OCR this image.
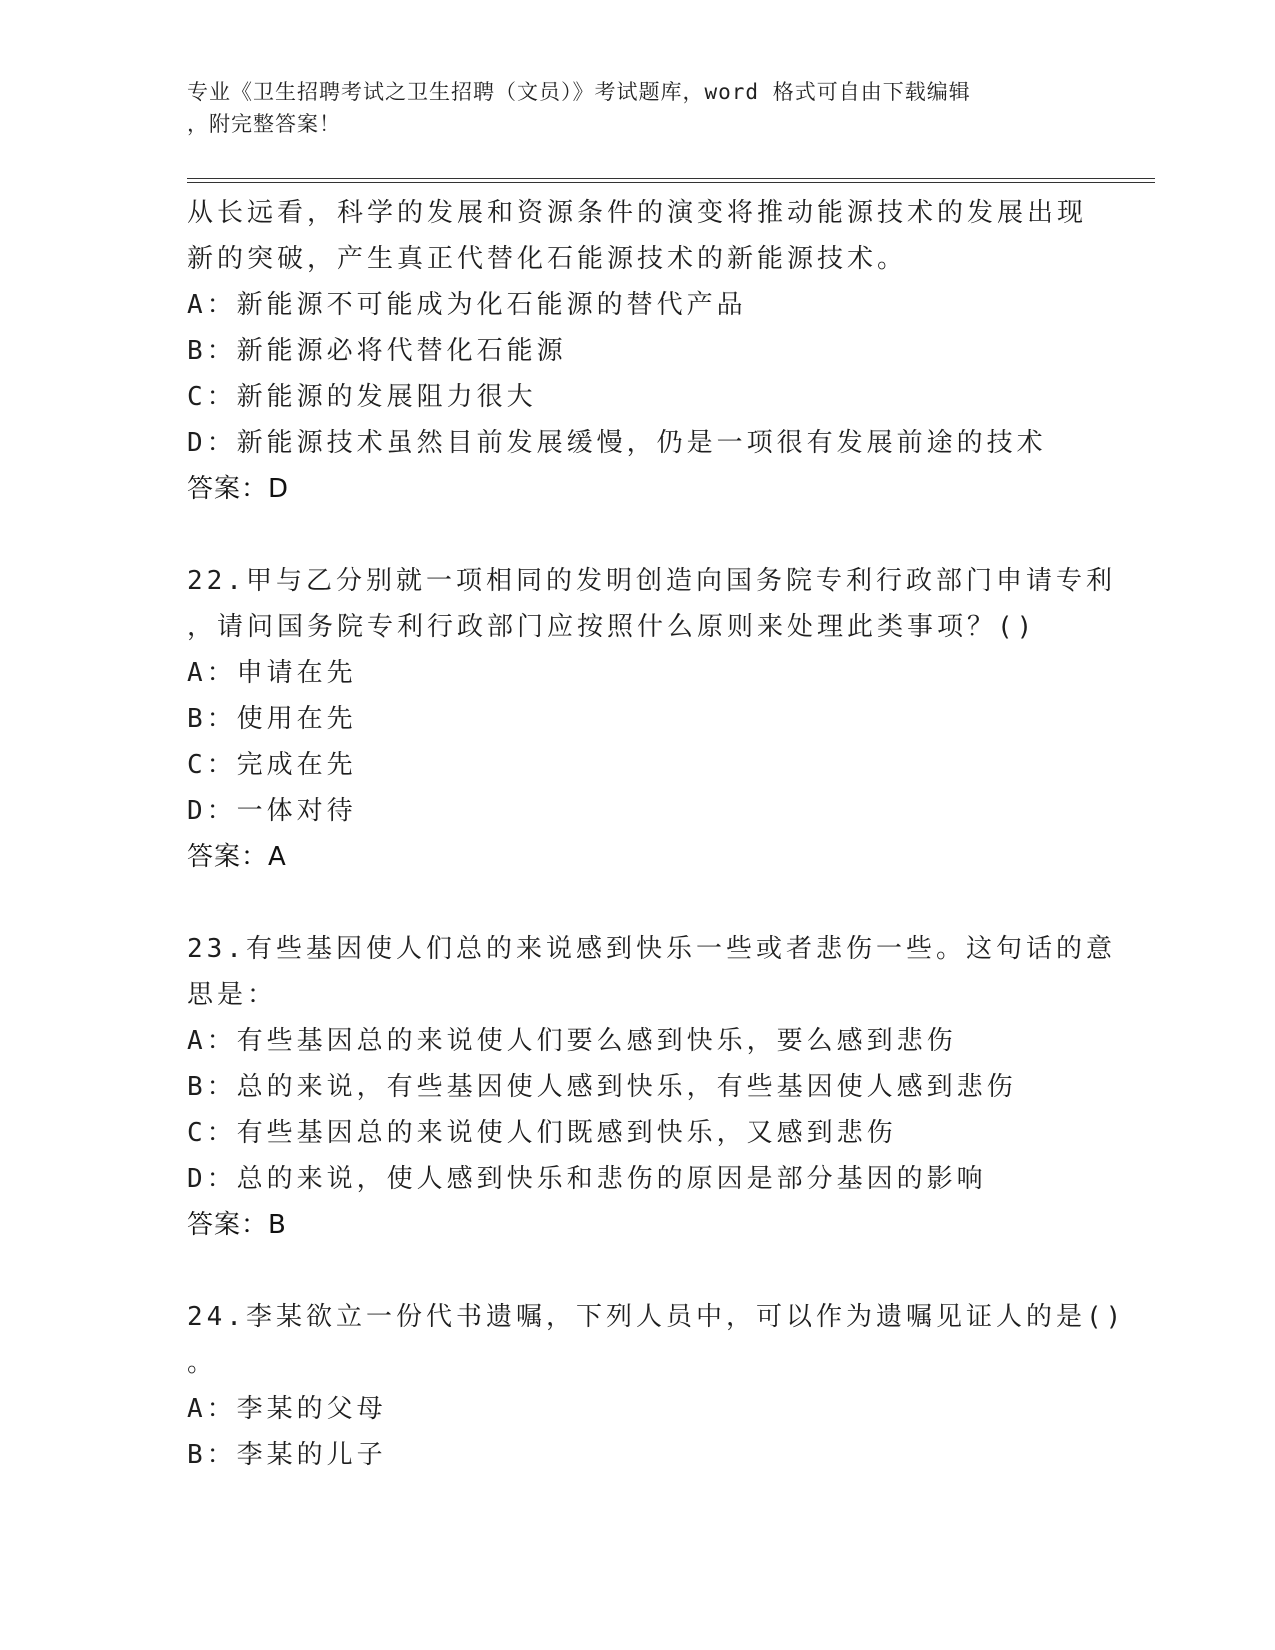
专业《卫生招聘考试之卫生招聘（文员）》考试题库，word 格式可自由下载编辑
，附完整答案！
从长远看，科学的发展和资源条件的演变将推动能源技术的发展出现
新的突破，产生真正代替化石能源技术的新能源技术。
A：新能源不可能成为化石能源的替代产品
B：新能源必将代替化石能源
C：新能源的发展阻力很大
D：新能源技术虽然目前发展缓慢，仍是一项很有发展前途的技术
答案：D
22.甲与乙分别就一项相同的发明创造向国务院专利行政部门申请专利
，请问国务院专利行政部门应按照什么原则来处理此类事项？()
A：申请在先
B：使用在先
C：完成在先
D：一体对待
答案：A
23.有些基因使人们总的来说感到快乐一些或者悲伤一些。这句话的意
思是：
A：有些基因总的来说使人们要么感到快乐，要么感到悲伤
B：总的来说，有些基因使人感到快乐，有些基因使人感到悲伤
C：有些基因总的来说使人们既感到快乐，又感到悲伤
D：总的来说，使人感到快乐和悲伤的原因是部分基因的影响
答案：B
24.李某欲立一份代书遗嘱，下列人员中，可以作为遗嘱见证人的是()
。
A：李某的父母
B：李某的儿子
